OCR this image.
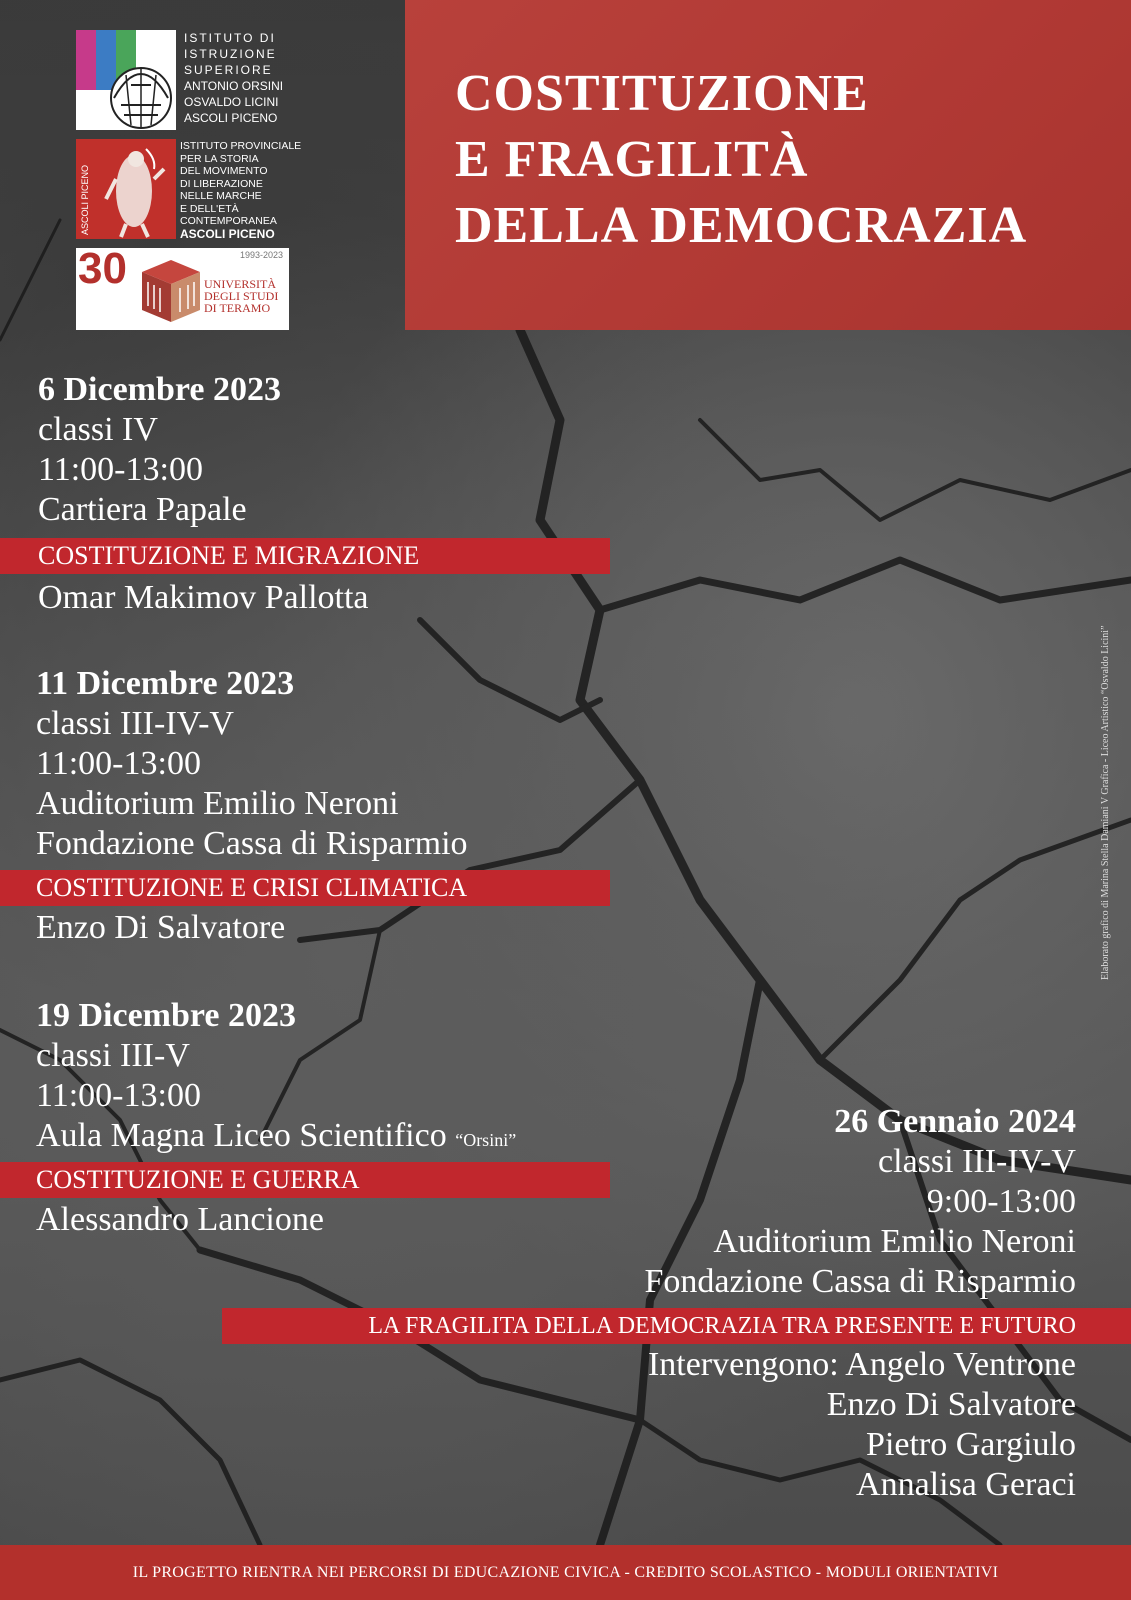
COSTITUZIONE
E FRAGILITÀ
DELLA DEMOCRAZIA
ISTITUTO DI
ISTRUZIONE
SUPERIORE
ANTONIO ORSINI
OSVALDO LICINI
ASCOLI PICENO
ASCOLI PICENO
ISTITUTO PROVINCIALE
PER LA STORIA
DEL MOVIMENTO
DI LIBERAZIONE
NELLE MARCHE
E DELL'ETÀ
CONTEMPORANEA
ASCOLI PICENO
30	1993-2023
UNIVERSITÀ
DEGLI STUDI
DI TERAMO
6 Dicembre 2023
classi IV
11:00-13:00
Cartiera Papale
COSTITUZIONE E MIGRAZIONE
Omar Makimov Pallotta
11 Dicembre 2023
classi III-IV-V
11:00-13:00
Auditorium Emilio Neroni
Fondazione Cassa di Risparmio
COSTITUZIONE E CRISI CLIMATICA
Enzo Di Salvatore
19 Dicembre 2023
classi III-V
11:00-13:00
Aula Magna Liceo Scientifico “Orsini”
COSTITUZIONE E GUERRA
Alessandro Lancione
26 Gennaio 2024
classi III-IV-V
9:00-13:00
Auditorium Emilio Neroni
Fondazione Cassa di Risparmio
LA FRAGILITA DELLA DEMOCRAZIA TRA PRESENTE E FUTURO
Intervengono: Angelo Ventrone
Enzo Di Salvatore
Pietro Gargiulo
Annalisa Geraci
Elaborato grafico di Marina Stella Damiani V Grafica - Liceo Artistico “Osvaldo Licini”
IL PROGETTO RIENTRA NEI PERCORSI DI EDUCAZIONE CIVICA - CREDITO SCOLASTICO - MODULI ORIENTATIVI
